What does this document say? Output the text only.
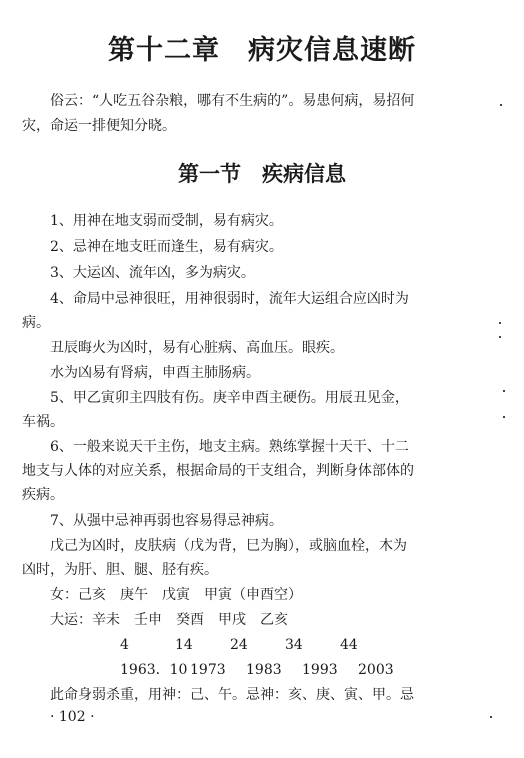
第十二章　病灾信息速断
俗云：“人吃五谷杂粮，哪有不生病的”。易患何病，易招何
灾，命运一排便知分晓。
第一节　疾病信息
1、用神在地支弱而受制，易有病灾。
2、忌神在地支旺而逢生，易有病灾。
3、大运凶、流年凶，多为病灾。
4、命局中忌神很旺，用神很弱时，流年大运组合应凶时为
病。
丑辰晦火为凶时，易有心脏病、高血压。眼疾。
水为凶易有肾病，申酉主肺肠病。
5、甲乙寅卯主四肢有伤。庚辛申酉主硬伤。用辰丑见金，
车祸。
6、一般来说天干主伤，地支主病。熟练掌握十天干、十二
地支与人体的对应关系，根据命局的干支组合，判断身体部体的
疾病。
7、从强中忌神再弱也容易得忌神病。
戊己为凶时，皮肤病（戊为背，巳为胸），或脑血栓，木为
凶时，为肝、胆、腿、胫有疾。
女：己亥　庚午　戊寅　甲寅（申酉空）
大运：辛未　壬申　癸酉　甲戌　乙亥
4	14	24	34	44
1963．10 1973 1983 1993 2003
此命身弱杀重，用神：己、午。忌神：亥、庚、寅、甲。忌
· 102 ·
